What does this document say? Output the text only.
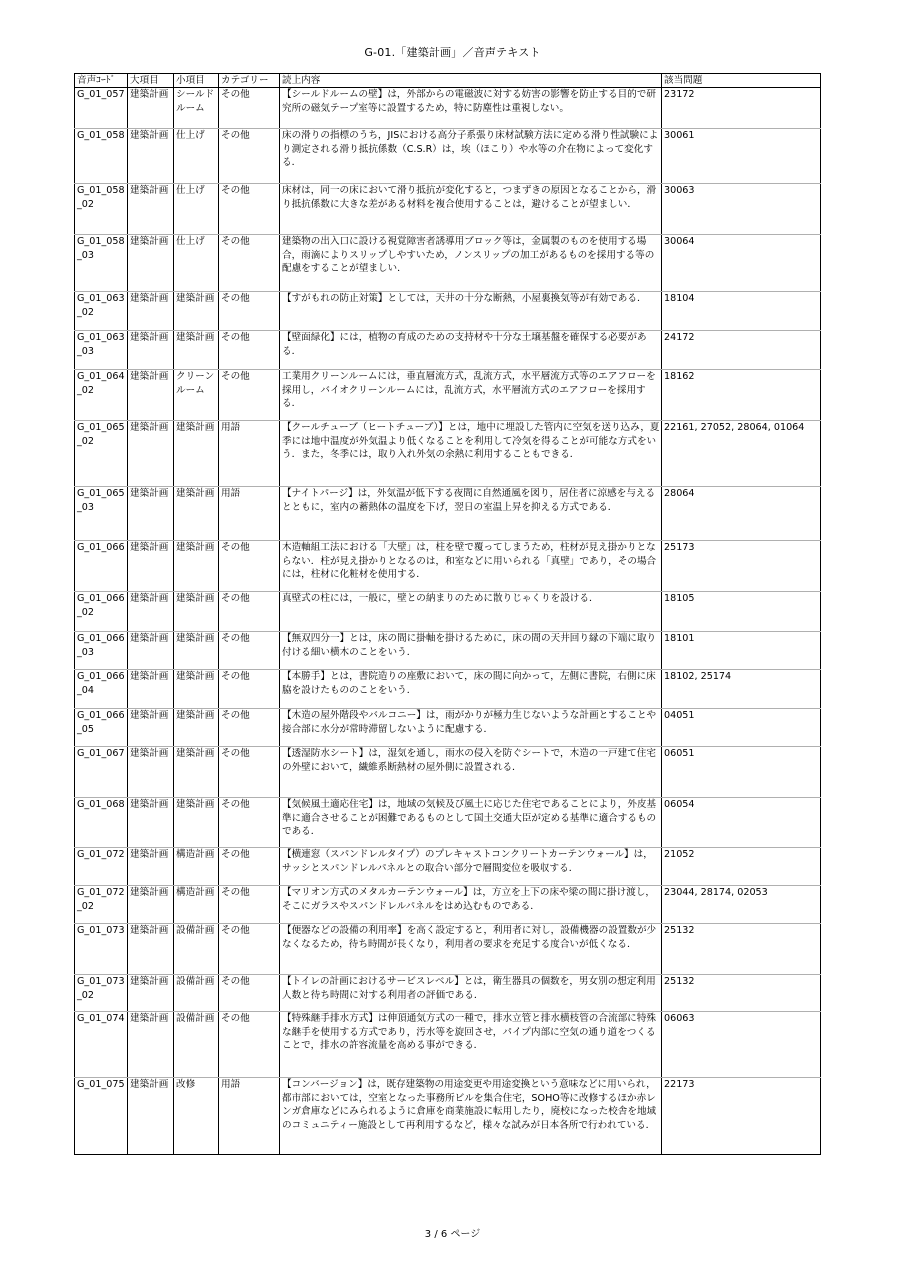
G-01.「建築計画」／音声テキスト
音声ｺｰﾄﾞ	大項目	小項目	カテゴリー	読上内容	該当問題
G_01_057	建築計画	シールドルーム	その他	【シールドルームの壁】は，外部からの電磁波に対する妨害の影響を防止する目的で研究所の磁気テープ室等に設置するため，特に防塵性は重視しない。	23172
G_01_058	建築計画	仕上げ	その他	床の滑りの指標のうち，JISにおける高分子系張り床材試験方法に定める滑り性試験により測定される滑り抵抗係数（C.S.R）は，埃（ほこり）や水等の介在物によって変化する．	30061
G_01_058_02	建築計画	仕上げ	その他	床材は，同一の床において滑り抵抗が変化すると，つまずきの原因となることから，滑り抵抗係数に大きな差がある材料を複合使用することは，避けることが望ましい．	30063
G_01_058_03	建築計画	仕上げ	その他	建築物の出入口に設ける視覚障害者誘導用ブロック等は，金属製のものを使用する場合，雨滴によりスリップしやすいため，ノンスリップの加工があるものを採用する等の配慮をすることが望ましい．	30064
G_01_063_02	建築計画	建築計画	その他	【すがもれの防止対策】としては，天井の十分な断熱，小屋裏換気等が有効である．	18104
G_01_063_03	建築計画	建築計画	その他	【壁面緑化】には，植物の育成のための支持材や十分な土壌基盤を確保する必要がある．	24172
G_01_064_02	建築計画	クリーンルーム	その他	工業用クリーンルームには，垂直層流方式，乱流方式，水平層流方式等のエアフローを採用し，バイオクリーンルームには，乱流方式，水平層流方式のエアフローを採用する．	18162
G_01_065_02	建築計画	建築計画	用語	【クールチューブ（ヒートチューブ）】とは，地中に埋設した管内に空気を送り込み，夏季には地中温度が外気温より低くなることを利用して冷気を得ることが可能な方式をいう．また，冬季には，取り入れ外気の余熱に利用することもできる．	22161, 27052, 28064, 01064
G_01_065_03	建築計画	建築計画	用語	【ナイトパージ】は，外気温が低下する夜間に自然通風を図り，居住者に涼感を与えるとともに，室内の蓄熱体の温度を下げ，翌日の室温上昇を抑える方式である．	28064
G_01_066	建築計画	建築計画	その他	木造軸組工法における「大壁」は，柱を壁で覆ってしまうため，柱材が見え掛かりとならない．柱が見え掛かりとなるのは，和室などに用いられる「真壁」であり，その場合には，柱材に化粧材を使用する．	25173
G_01_066_02	建築計画	建築計画	その他	真壁式の柱には，一般に，壁との納まりのために散りじゃくりを設ける．	18105
G_01_066_03	建築計画	建築計画	その他	【無双四分一】とは，床の間に掛軸を掛けるために，床の間の天井回り縁の下端に取り付ける細い横木のことをいう．	18101
G_01_066_04	建築計画	建築計画	その他	【本勝手】とは，書院造りの座敷において，床の間に向かって，左側に書院，右側に床脇を設けたもののことをいう．	18102, 25174
G_01_066_05	建築計画	建築計画	その他	【木造の屋外階段やバルコニー】は，雨がかりが極力生じないような計画とすることや接合部に水分が常時滞留しないように配慮する．	04051
G_01_067	建築計画	建築計画	その他	【透湿防水シート】は，湿気を通し，雨水の侵入を防ぐシートで，木造の一戸建て住宅の外壁において，繊維系断熱材の屋外側に設置される．	06051
G_01_068	建築計画	建築計画	その他	【気候風土適応住宅】は，地域の気候及び風土に応じた住宅であることにより，外皮基準に適合させることが困難であるものとして国土交通大臣が定める基準に適合するものである．	06054
G_01_072	建築計画	構造計画	その他	【横連窓（スパンドレルタイプ）のプレキャストコンクリートカーテンウォール】は，サッシとスパンドレルパネルとの取合い部分で層間変位を吸収する．	21052
G_01_072_02	建築計画	構造計画	その他	【マリオン方式のメタルカーテンウォール】は，方立を上下の床や梁の間に掛け渡し，そこにガラスやスパンドレルパネルをはめ込むものである．	23044, 28174, 02053
G_01_073	建築計画	設備計画	その他	【便器などの設備の利用率】を高く設定すると，利用者に対し，設備機器の設置数が少なくなるため，待ち時間が長くなり，利用者の要求を充足する度合いが低くなる．	25132
G_01_073_02	建築計画	設備計画	その他	【トイレの計画におけるサービスレベル】とは，衛生器具の個数を，男女別の想定利用人数と待ち時間に対する利用者の評価である．	25132
G_01_074	建築計画	設備計画	その他	【特殊継手排水方式】は伸頂通気方式の一種で，排水立管と排水横枝管の合流部に特殊な継手を使用する方式であり，汚水等を旋回させ，パイプ内部に空気の通り道をつくることで，排水の許容流量を高める事ができる．	06063
G_01_075	建築計画	改修	用語	【コンバージョン】は，既存建築物の用途変更や用途変換という意味などに用いられ，都市部においては，空室となった事務所ビルを集合住宅，SOHO等に改修するほか赤レンガ倉庫などにみられるように倉庫を商業施設に転用したり，廃校になった校舎を地域のコミュニティー施設として再利用するなど，様々な試みが日本各所で行われている．	22173
3 / 6 ページ
